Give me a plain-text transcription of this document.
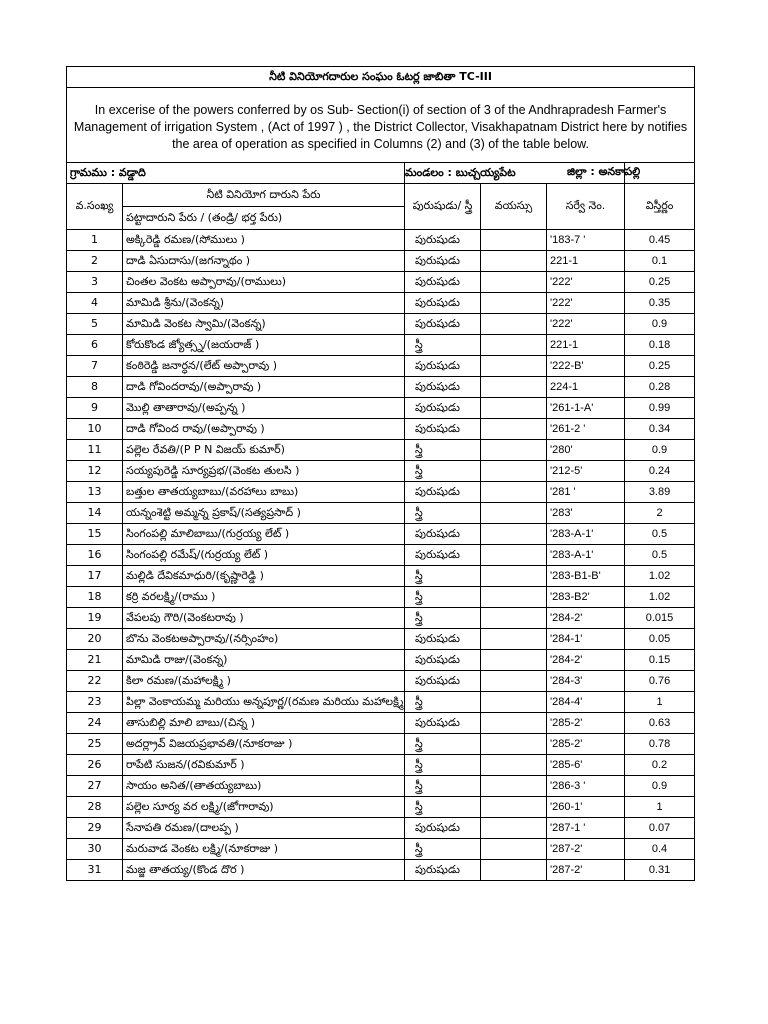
నీటి వినియోగదారుల సంఘం ఓటర్ల జాబితా TC-III					
In excerise of the powers conferred by os Sub- Section(i) of section of 3 of the Andhrapradesh Farmer's Management of irrigation System , (Act of 1997 ) , the District Collector, Visakhapatnam District here by notifies the area of operation as specified in Columns (2) and (3) of the table below.					
గ్రామము : వడ్డాది		మండలం : బుచ్చయ్యపేట			జిల్లా : అనకాపల్లి

వ.సంఖ్య	నీటి వినియోగ దారుని పేరు	పురుషుడు/ స్త్రీ	వయస్సు	సర్వే నెం.	విస్తీర్ణం
	పట్టాదారుని పేరు / (తండ్రి/ భర్త పేరు)				
1	అక్కిరెడ్డి రమణ/(సోములు )	పురుషుడు		'183-7 '	0.45
2	దాడి ఏసుదాసు/(జగన్నాథం )	పురుషుడు		221-1	0.1
3	చింతల వెంకట అప్పారావు/(రాములు)	పురుషుడు		'222'	0.25
4	మామిడి శ్రీను/(వెంకన్న)	పురుషుడు		'222'	0.35
5	మామిడి వెంకట స్వామి/(వెంకన్న)	పురుషుడు		'222'	0.9
6	కోరుకొండ జ్యోత్స్న/(జయరాజ్ )	స్త్రీ		221-1	0.18
7	కంఠిరెడ్డి జనార్ధన/(లేట్ అప్పారావు )	పురుషుడు		'222-B'	0.25
8	దాడి గోవిందరావు/(అప్పారావు )	పురుషుడు		224-1	0.28
9	మొల్లి తాతారావు/(అప్పన్న )	పురుషుడు		'261-1-A'	0.99
10	దాడి గోవింద రావు/(అప్పారావు )	పురుషుడు		'261-2 '	0.34
11	పల్లెల రేవతి/(P P N విజయ్ కుమార్)	స్త్రీ		'280'	0.9
12	సయ్యపురెడ్డి సూర్యప్రభ/(వెంకట తులసి )	స్త్రీ		'212-5'	0.24
13	బత్తుల తాతయ్యబాబు/(వరహాలు బాబు)	పురుషుడు		'281 '	3.89
14	యన్నంశెట్టి అమ్మన్న ప్రకాష్/(సత్యప్రసాద్ )	స్త్రీ		'283'	2
15	సింగంపల్లి మాలిబాబు/(గుర్రయ్య లేట్ )	పురుషుడు		'283-A-1'	0.5
16	సింగంపల్లి రమేష్/(గుర్రయ్య లేట్ )	పురుషుడు		'283-A-1'	0.5
17	మల్లిడి దేవికమాధురి/(కృష్ణారెడ్డి )	స్త్రీ		'283-B1-B'	1.02
18	కర్రి వరలక్ష్మి/(రాము )	స్త్రీ		'283-B2'	1.02
19	వేపలపు గౌరి/(వెంకటరావు )	స్త్రీ		'284-2'	0.015
20	బొను వెంకటఅప్పారావు/(నర్సింహం)	పురుషుడు		'284-1'	0.05
21	మామిడి రాజు/(వెంకన్న)	పురుషుడు		'284-2'	0.15
22	కిలా రమణ/(మహాలక్ష్మి )	పురుషుడు		'284-3'	0.76
23	పిల్లా వెంకాయమ్మ మరియు అన్నపూర్ణ/(రమణ మరియు మహాలక్ష్మి	స్త్రీ		'284-4'	1
24	తాసుబిల్లి మాలి బాబు/(చిన్న )	పురుషుడు		'285-2'	0.63
25	అదర్ల్రావ్ విజయప్రభావతి/(నూకరాజు )	స్త్రీ		'285-2'	0.78
26	రాపేటి సుజన/(రవికుమార్ )	స్త్రీ		'285-6'	0.2
27	సాయం అనిత/(తాతయ్యబాబు)	స్త్రీ		'286-3 '	0.9
28	పల్లెల సూర్య వర లక్ష్మి/(జోగారావు)	స్త్రీ		'260-1'	1
29	సేనాపతి రమణ/(దాలప్ప )	పురుషుడు		'287-1 '	0.07
30	మరువాడ వెంకట లక్ష్మి/(నూకరాజు )	స్త్రీ		'287-2'	0.4
31	మజ్జ తాతయ్య/(కొండ దొర )	పురుషుడు		'287-2'	0.31
